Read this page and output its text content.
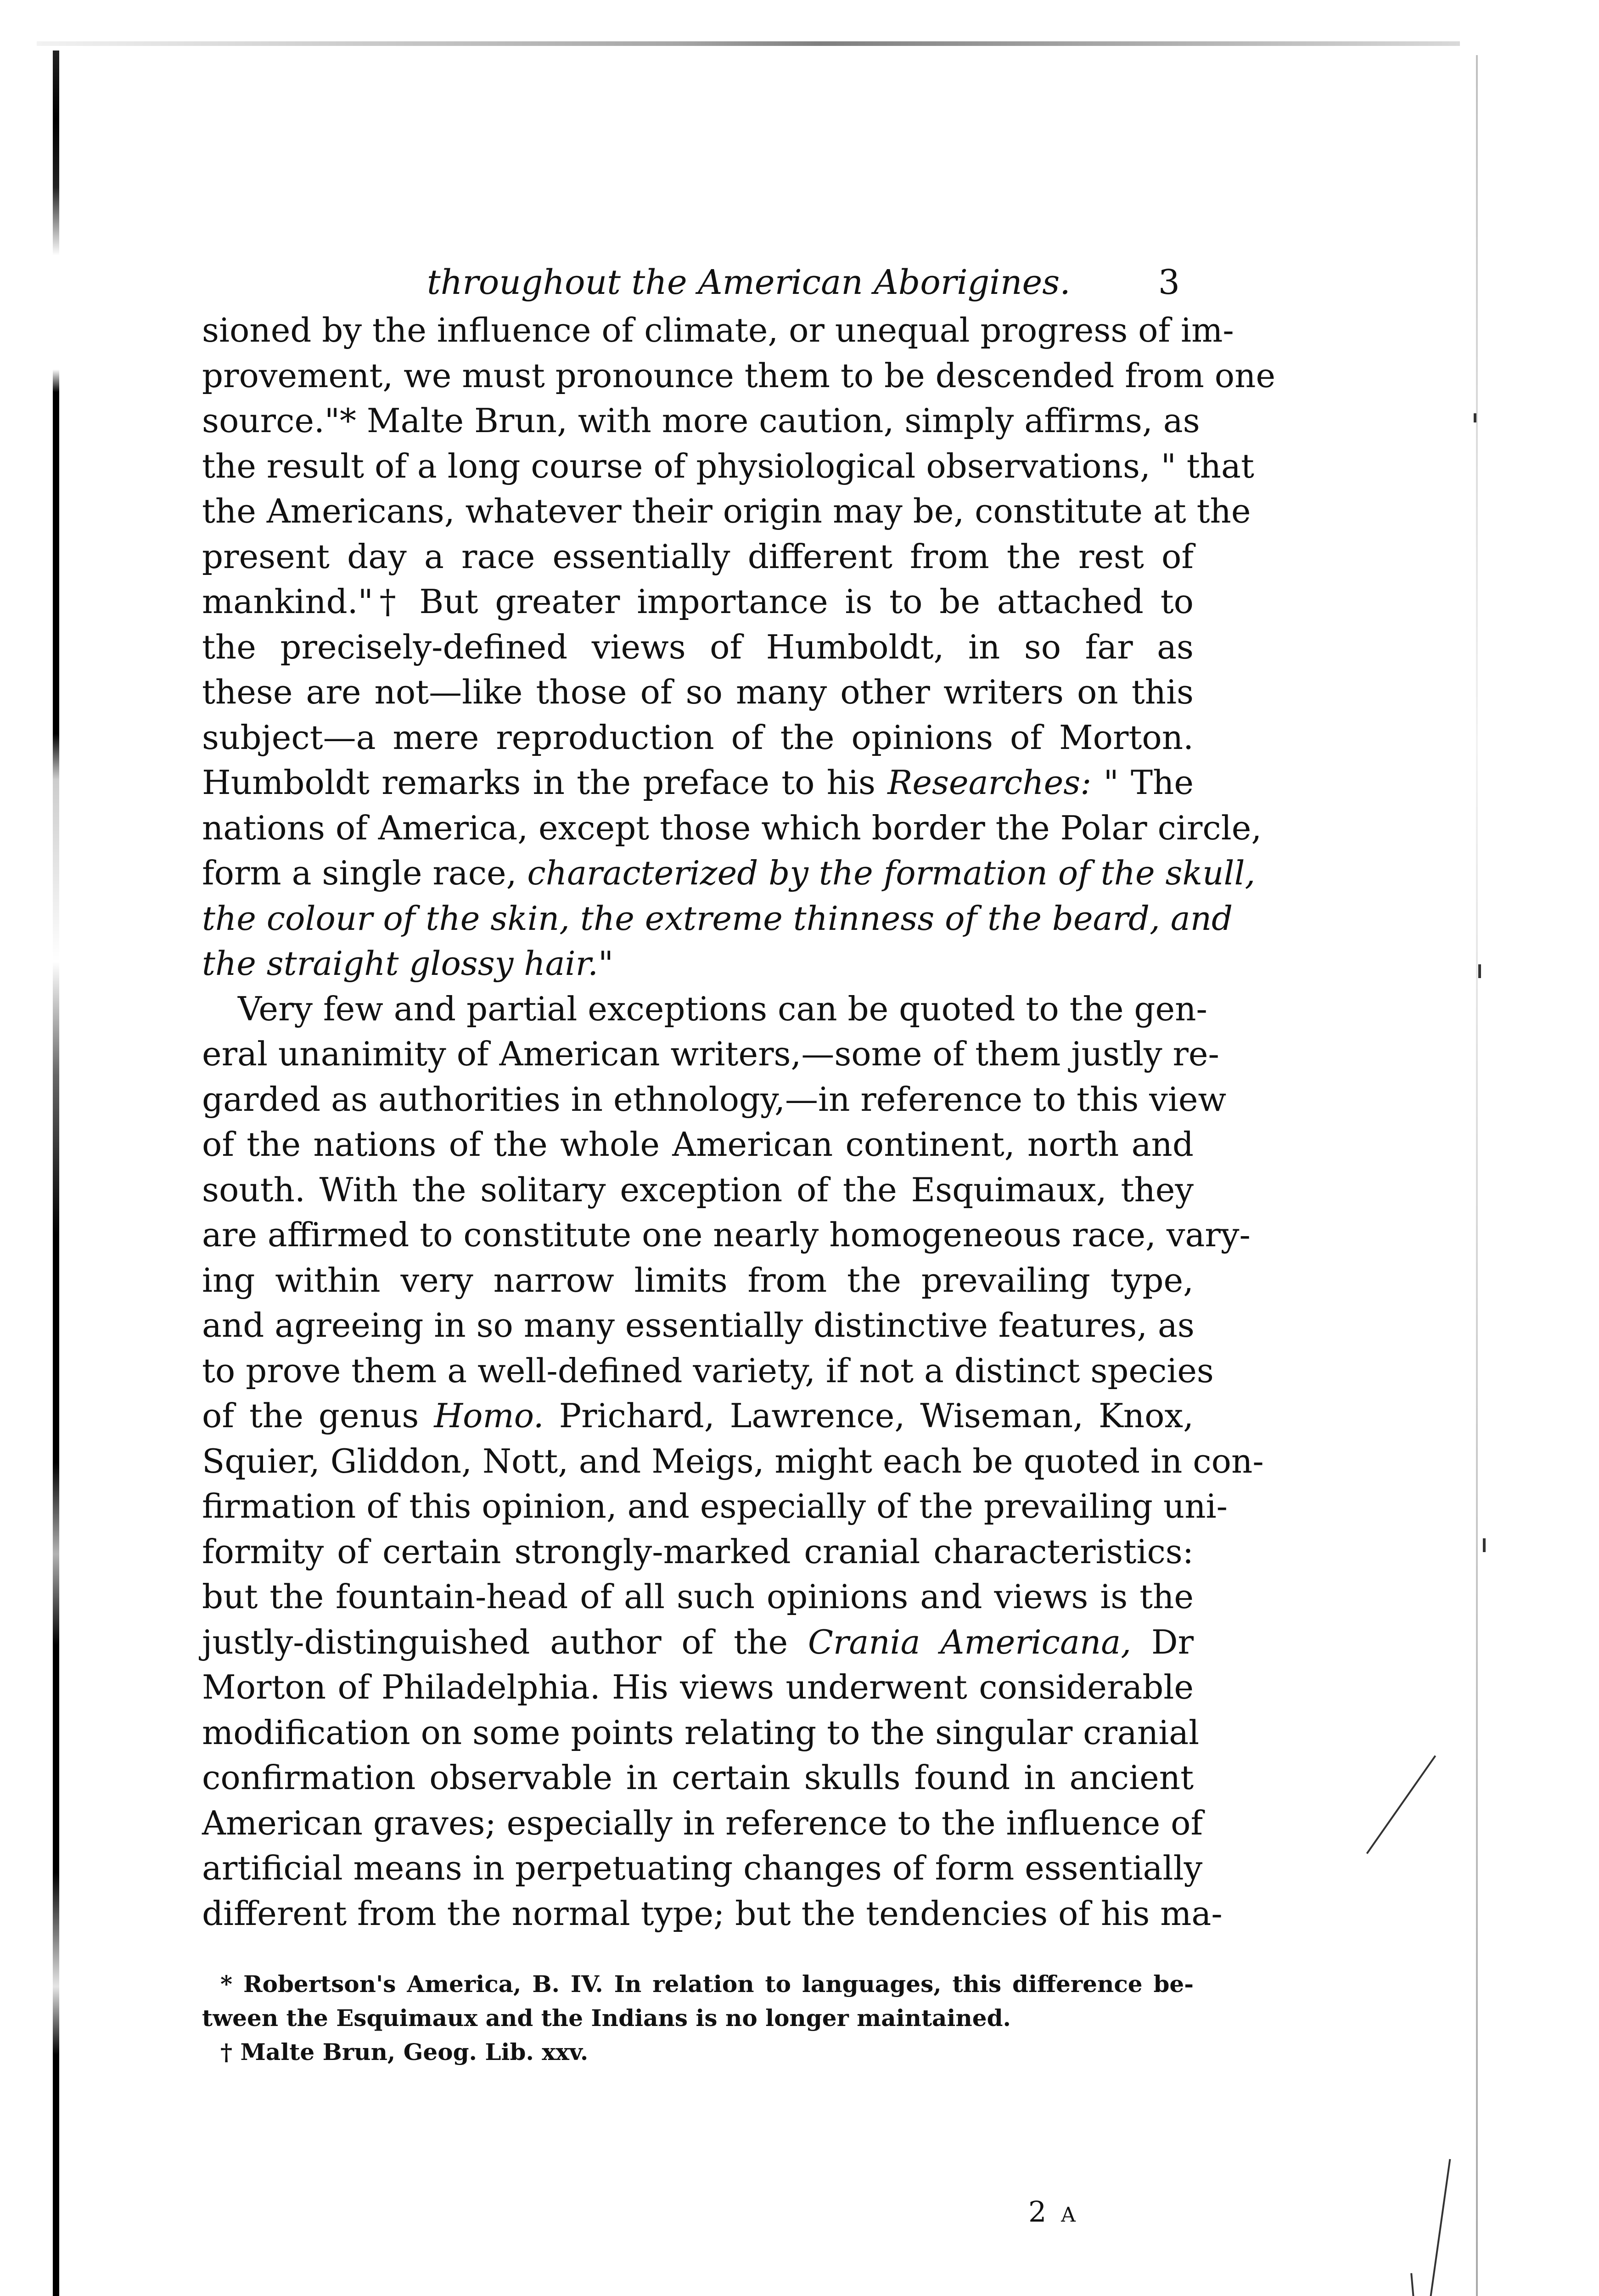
throughout the American Aborigines.	3

sioned by the influence of climate, or unequal progress of im-
provement, we must pronounce them to be descended from one
source."* Malte Brun, with more caution, simply affirms, as
the result of a long course of physiological observations, " that
the Americans, whatever their origin may be, constitute at the
present day a race essentially different from the rest of
mankind."† But greater importance is to be attached to
the precisely-defined views of Humboldt, in so far as
these are not—like those of so many other writers on this
subject—a mere reproduction of the opinions of Morton.
Humboldt remarks in the preface to his Researches: " The
nations of America, except those which border the Polar circle,
form a single race, characterized by the formation of the skull,
the colour of the skin, the extreme thinness of the beard, and
the straight glossy hair."

Very few and partial exceptions can be quoted to the gen-
eral unanimity of American writers,—some of them justly re-
garded as authorities in ethnology,—in reference to this view
of the nations of the whole American continent, north and
south. With the solitary exception of the Esquimaux, they
are affirmed to constitute one nearly homogeneous race, vary-
ing within very narrow limits from the prevailing type,
and agreeing in so many essentially distinctive features, as
to prove them a well-defined variety, if not a distinct species
of the genus Homo. Prichard, Lawrence, Wiseman, Knox,
Squier, Gliddon, Nott, and Meigs, might each be quoted in con-
firmation of this opinion, and especially of the prevailing uni-
formity of certain strongly-marked cranial characteristics:
but the fountain-head of all such opinions and views is the
justly-distinguished author of the Crania Americana, Dr
Morton of Philadelphia. His views underwent considerable
modification on some points relating to the singular cranial
confirmation observable in certain skulls found in ancient
American graves; especially in reference to the influence of
artificial means in perpetuating changes of form essentially
different from the normal type; but the tendencies of his ma-

* Robertson's America, B. IV. In relation to languages, this difference be-
tween the Esquimaux and the Indians is no longer maintained.
† Malte Brun, Geog. Lib. xxv.
2 A
